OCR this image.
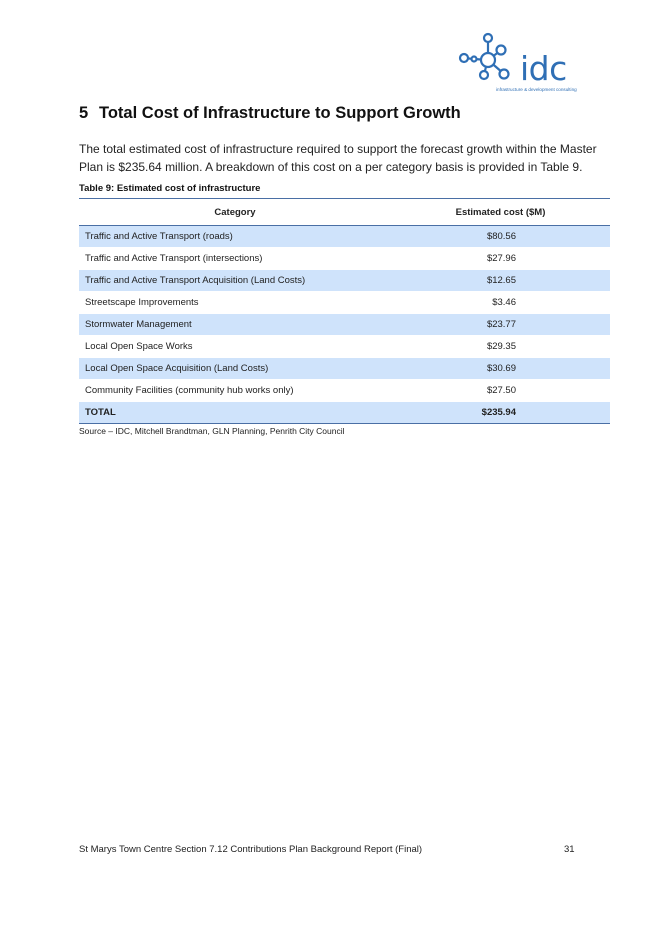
idc
infrastructure & development consulting
5 Total Cost of Infrastructure to Support Growth

The total estimated cost of infrastructure required to support the forecast growth within the Master Plan is $235.64 million. A breakdown of this cost on a per category basis is provided in Table 9.

Table 9: Estimated cost of infrastructure

Category	Estimated cost ($M)
Traffic and Active Transport (roads)	$80.56
Traffic and Active Transport (intersections)	$27.96
Traffic and Active Transport Acquisition (Land Costs)	$12.65
Streetscape Improvements	$3.46
Stormwater Management	$23.77
Local Open Space Works	$29.35
Local Open Space Acquisition (Land Costs)	$30.69
Community Facilities (community hub works only)	$27.50
TOTAL	$235.94

Source – IDC, Mitchell Brandtman, GLN Planning, Penrith City Council

St Marys Town Centre Section 7.12 Contributions Plan Background Report (Final)	31
